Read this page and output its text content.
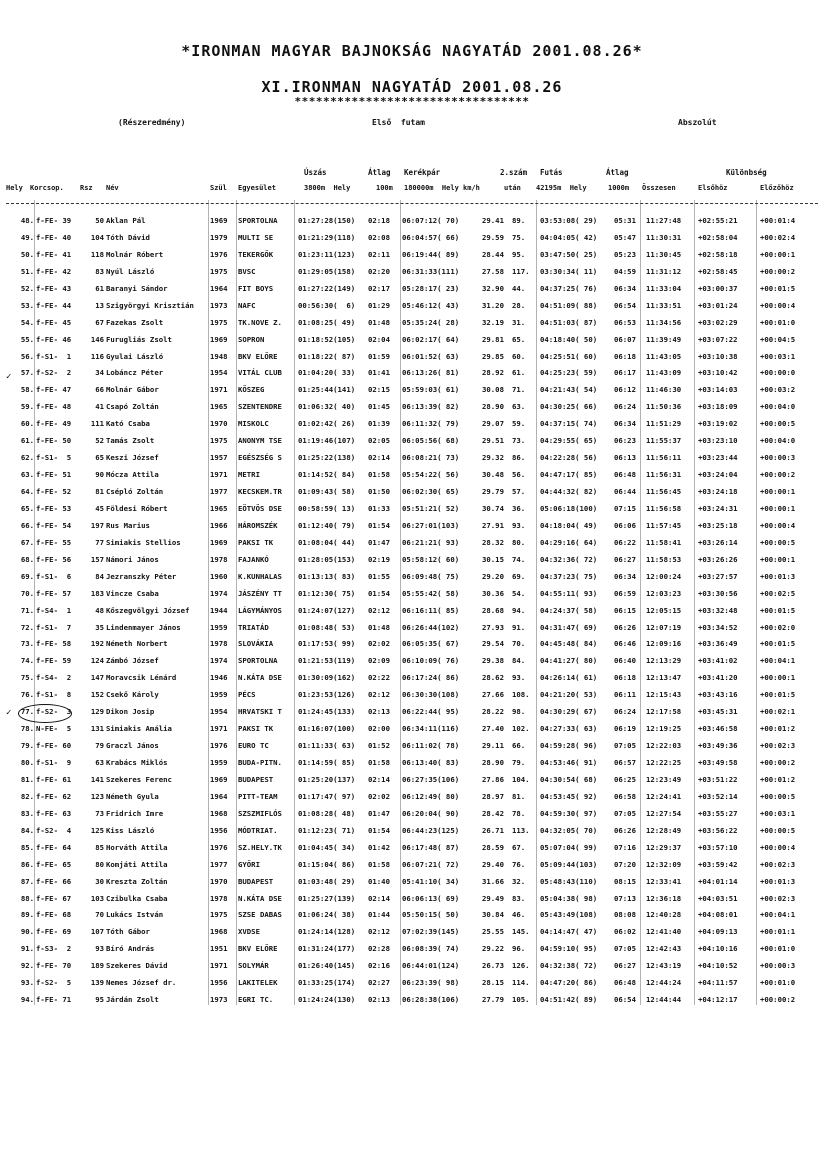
*IRONMAN MAGYAR BAJNOKSÁG NAGYATÁD 2001.08.26*
XI.IRONMAN NAGYATÁD 2001.08.26
*********************************
(Részeredmény)	Első  futam	Abszolút
Úszás	Átlag Kerékpár	2.szám Futás	Átlag	Különbség
Hely Korcsop. Rsz Név	Szül Egyesület	3800m  Hely	100m 180000m  Hely km/h	után 42195m  Hely	1000m Összesen	Elsőhöz	Előzőhöz
48. f-FE- 39	50 Aklan Pál	1969 SPORTOLNA	01:27:28(150) 02:18 06:07:12( 70)	29.41 89. 03:53:08( 29) 05:31 11:27:48 +02:55:21	+00:01:4
49. f-FE- 40	104 Tóth Dávid	1979 MULTI SE	01:21:29(118) 02:08 06:04:57( 66)	29.59 75. 04:04:05( 42) 05:47 11:30:31 +02:58:04	+00:02:4
50. f-FE- 41	118 Molnár Róbert	1976 TEKERGŐK	01:23:11(123) 02:11 06:19:44( 89)	28.44 95. 03:47:50( 25) 05:23 11:30:45 +02:58:18	+00:00:1
51. f-FE- 42	83 Nyúl László	1975 BVSC	01:29:05(158) 02:20 06:31:33(111)	27.58 117. 03:30:34( 11) 04:59 11:31:12 +02:58:45	+00:00:2
52. f-FE- 43	61 Baranyi Sándor	1964 FIT BOYS	01:27:22(149) 02:17 05:28:17( 23)	32.90 44. 04:37:25( 76) 06:34 11:33:04 +03:00:37	+00:01:5
53. f-FE- 44	13 Szigyörgyi Krisztián 1973 NAFC	00:56:30(  6) 01:29 05:46:12( 43)	31.20 28. 04:51:09( 88) 06:54 11:33:51 +03:01:24	+00:00:4
54. f-FE- 45	67 Fazekas Zsolt	1975 TK.NOVE Z. 01:08:25( 49) 01:48 05:35:24( 28)	32.19 31. 04:51:03( 87) 06:53 11:34:56 +03:02:29	+00:01:0
55. f-FE- 46	146 Furugliás Zsolt	1969 SOPRON	01:18:52(105) 02:04 06:02:17( 64)	29.81 65. 04:18:40( 50) 06:07 11:39:49 +03:07:22	+00:04:5
56. f-S1-  1	116 Gyulai László	1948 BKV ELŐRE	01:18:22( 87) 01:59 06:01:52( 63)	29.85 60. 04:25:51( 60) 06:18 11:43:05 +03:10:38	+00:03:1
57. f-S2-  2	34 Lobáncz Péter	1954 VITÁL CLUB 01:04:20( 33) 01:41 06:13:26( 81)	28.92 61. 04:25:23( 59) 06:17 11:43:09 +03:10:42	+00:00:0
58. f-FE- 47	66 Molnár Gábor	1971 KŐSZEG	01:25:44(141) 02:15 05:59:03( 61)	30.08 71. 04:21:43( 54) 06:12 11:46:30 +03:14:03	+00:03:2
59. f-FE- 48	41 Csapó Zoltán	1965 SZENTENDRE 01:06:32( 40) 01:45 06:13:39( 82)	28.90 63. 04:30:25( 66) 06:24 11:50:36 +03:18:09	+00:04:0
60. f-FE- 49	111 Kató Csaba	1970 MISKOLC	01:02:42( 26) 01:39 06:11:32( 79)	29.07 59. 04:37:15( 74) 06:34 11:51:29 +03:19:02	+00:00:5
61. f-FE- 50	52 Tamás Zsolt	1975 ANONYM TSE 01:19:46(107) 02:05 06:05:56( 68)	29.51 73. 04:29:55( 65) 06:23 11:55:37 +03:23:10	+00:04:0
62. f-S1-  5	65 Keszi József	1957 EGÉSZSÉG S 01:25:22(138) 02:14 06:08:21( 73)	29.32 86. 04:22:28( 56) 06:13 11:56:11 +03:23:44	+00:00:3
63. f-FE- 51	90 Mócza Attila	1971 METRI	01:14:52( 84) 01:58 05:54:22( 56)	30.48 56. 04:47:17( 85) 06:48 11:56:31 +03:24:04	+00:00:2
64. f-FE- 52	81 Csépló Zoltán	1977 KECSKEM.TR 01:09:43( 58) 01:50 06:02:30( 65)	29.79 57. 04:44:32( 82) 06:44 11:56:45 +03:24:18	+00:00:1
65. f-FE- 53	45 Földesi Róbert	1965 EÖTVÖS DSE 00:58:59( 13) 01:33 05:51:21( 52)	30.74 36. 05:06:18(100) 07:15 11:56:58 +03:24:31	+00:00:1
66. f-FE- 54	197 Rus Marius	1966 HÁROMSZÉK	01:12:40( 79) 01:54 06:27:01(103)	27.91 93. 04:18:04( 49) 06:06 11:57:45 +03:25:18	+00:00:4
67. f-FE- 55	77 Simiakis Stellios	1969 PAKSI TK	01:08:04( 44) 01:47 06:21:21( 93)	28.32 80. 04:29:16( 64) 06:22 11:58:41 +03:26:14	+00:00:5
68. f-FE- 56	157 Námori János	1978 FAJANKÓ	01:28:05(153) 02:19 05:58:12( 60)	30.15 74. 04:32:36( 72) 06:27 11:58:53 +03:26:26	+00:00:1
69. f-S1-  6	84 Jezranszky Péter	1960 K.KUNHALAS 01:13:13( 83) 01:55 06:09:48( 75)	29.20 69. 04:37:23( 75) 06:34 12:00:24 +03:27:57	+00:01:3
70. f-FE- 57	183 Vincze Csaba	1974 JÁSZÉNY TT 01:12:30( 75) 01:54 05:55:42( 58)	30.36 54. 04:55:11( 93) 06:59 12:03:23 +03:30:56	+00:02:5
71. f-S4-  1	48 Kőszegvölgyi József	1944 LÁGYMÁNYOS 01:24:07(127) 02:12 06:16:11( 85)	28.68 94. 04:24:37( 58) 06:15 12:05:15 +03:32:48	+00:01:5
72. f-S1-  7	35 Lindenmayer János	1959 TRIATÁD	01:08:48( 53) 01:48 06:26:44(102)	27.93 91. 04:31:47( 69) 06:26 12:07:19 +03:34:52	+00:02:0
73. f-FE- 58	192 Németh Norbert	1978 SLOVÁKIA	01:17:53( 99) 02:02 06:05:35( 67)	29.54 70. 04:45:48( 84) 06:46 12:09:16 +03:36:49	+00:01:5
74. f-FE- 59	124 Zámbó József	1974 SPORTOLNA	01:21:53(119) 02:09 06:10:09( 76)	29.38 84. 04:41:27( 80) 06:40 12:13:29 +03:41:02	+00:04:1
75. f-S4-  2	147 Moravcsik Lénárd	1946 N.KÁTA DSE 01:30:09(162) 02:22 06:17:24( 86)	28.62 93. 04:26:14( 61) 06:18 12:13:47 +03:41:20	+00:00:1
76. f-S1-  8	152 Csekő Károly	1959 PÉCS	01:23:53(126) 02:12 06:30:30(108)	27.66 108. 04:21:20( 53) 06:11 12:15:43 +03:43:16	+00:01:5
77. f-S2-  3	129 Dikon Josip	1954 HRVATSKI T 01:24:45(133) 02:13 06:22:44( 95)	28.22 98. 04:30:29( 67) 06:24 12:17:58 +03:45:31	+00:02:1
78. N-FE-  5	131 Simiakis Amália	1971 PAKSI TK	01:16:07(100) 02:00 06:34:11(116)	27.40 102. 04:27:33( 63) 06:19 12:19:25 +03:46:58	+00:01:2
79. f-FE- 60	79 Graczl János	1976 EURO TC	01:11:33( 63) 01:52 06:11:02( 78)	29.11 66. 04:59:28( 96) 07:05 12:22:03 +03:49:36	+00:02:3
80. f-S1-  9	63 Krabács Miklós	1959 BUDA-PITN. 01:14:59( 85) 01:58 06:13:40( 83)	28.90 79. 04:53:46( 91) 06:57 12:22:25 +03:49:58	+00:00:2
81. f-FE- 61	141 Szekeres Ferenc	1969 BUDAPEST	01:25:20(137) 02:14 06:27:35(106)	27.86 104. 04:30:54( 68) 06:25 12:23:49 +03:51:22	+00:01:2
82. f-FE- 62	123 Németh Gyula	1964 PITT-TEAM	01:17:47( 97) 02:02 06:12:49( 80)	28.97 81. 04:53:45( 92) 06:58 12:24:41 +03:52:14	+00:00:5
83. f-FE- 63	73 Fridrich Imre	1968 SZSZMIFLÓS 01:08:28( 48) 01:47 06:20:04( 90)	28.42 78. 04:59:30( 97) 07:05 12:27:54 +03:55:27	+00:03:1
84. f-S2-  4	125 Kiss László	1956 MÓDTRIAT.	01:12:23( 71) 01:54 06:44:23(125)	26.71 113. 04:32:05( 70) 06:26 12:28:49 +03:56:22	+00:00:5
85. f-FE- 64	85 Horváth Attila	1976 SZ.HELY.TK 01:04:45( 34) 01:42 06:17:48( 87)	28.59 67. 05:07:04( 99) 07:16 12:29:37 +03:57:10	+00:00:4
86. f-FE- 65	80 Komjáti Attila	1977 GYŐRI	01:15:04( 86) 01:58 06:07:21( 72)	29.40 76. 05:09:44(103) 07:20 12:32:09 +03:59:42	+00:02:3
87. f-FE- 66	30 Kreszta Zoltán	1970 BUDAPEST	01:03:48( 29) 01:40 05:41:10( 34)	31.66 32. 05:48:43(110) 08:15 12:33:41 +04:01:14	+00:01:3
88. f-FE- 67	103 Czibulka Csaba	1978 N.KÁTA DSE 01:25:27(139) 02:14 06:06:13( 69)	29.49 83. 05:04:38( 98) 07:13 12:36:18 +04:03:51	+00:02:3
89. f-FE- 68	70 Lukács István	1975 SZSE DABAS 01:06:24( 38) 01:44 05:50:15( 50)	30.84 46. 05:43:49(108) 08:08 12:40:28 +04:08:01	+00:04:1
90. f-FE- 69	107 Tóth Gábor	1968 XVDSE	01:24:14(128) 02:12 07:02:39(145)	25.55 145. 04:14:47( 47) 06:02 12:41:40 +04:09:13	+00:01:1
91. f-S3-  2	93 Bíró András	1951 BKV ELŐRE	01:31:24(177) 02:28 06:08:39( 74)	29.22 96. 04:59:10( 95) 07:05 12:42:43 +04:10:16	+00:01:0
92. f-FE- 70	189 Szekeres Dávid	1971 SOLYMÁR	01:26:40(145) 02:16 06:44:01(124)	26.73 126. 04:32:38( 72) 06:27 12:43:19 +04:10:52	+00:00:3
93. f-S2-  5	139 Nemes József dr.	1956 LAKITELEK	01:33:25(174) 02:27 06:23:39( 98)	28.15 114. 04:47:20( 86) 06:48 12:44:24 +04:11:57	+00:01:0
94. f-FE- 71	95 Járdán Zsolt	1973 EGRI TC.	01:24:24(130) 02:13 06:28:38(106)	27.79 105. 04:51:42( 89) 06:54 12:44:44 +04:12:17	+00:00:2
✓
✓
